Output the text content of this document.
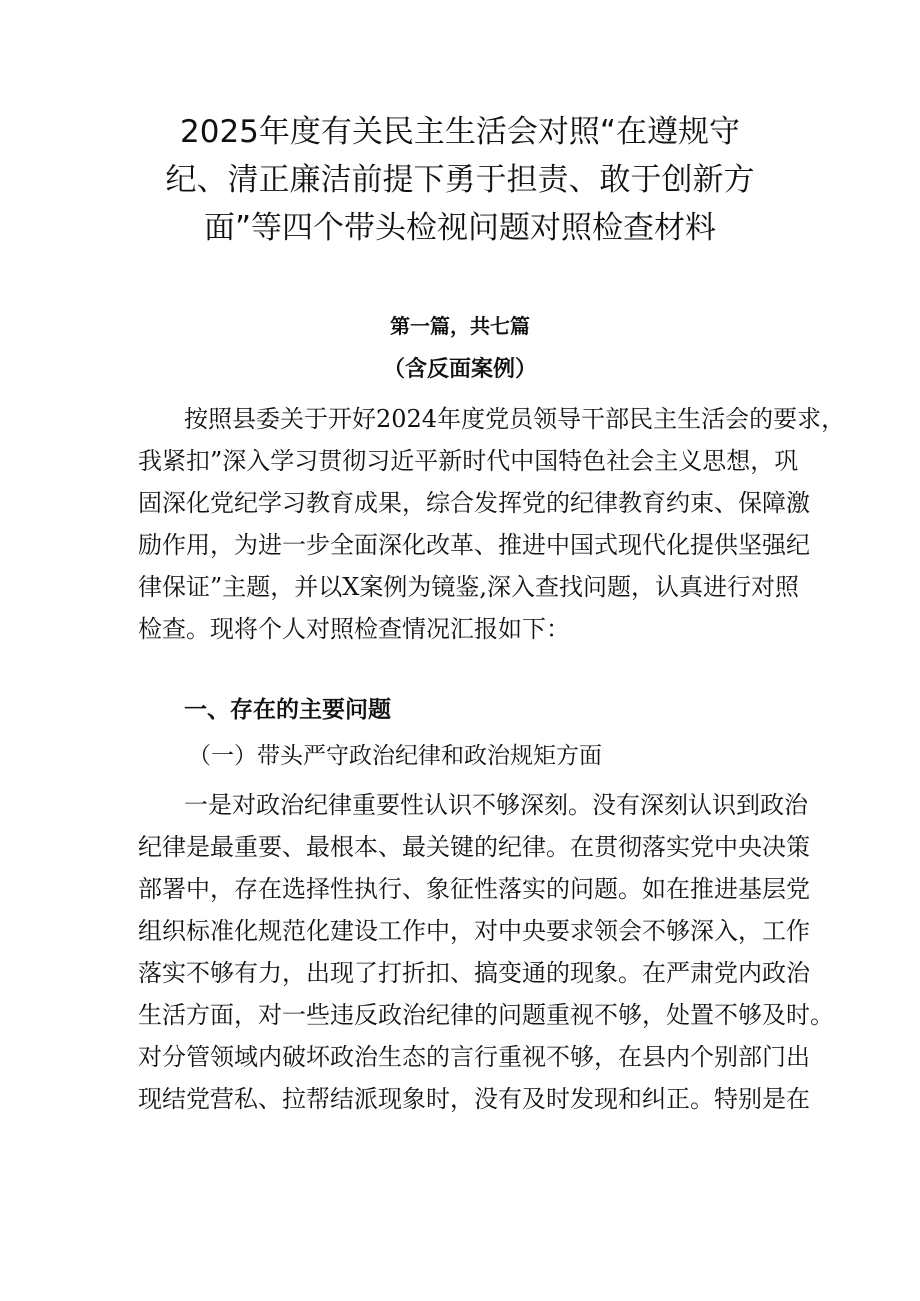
2025年度有关民主生活会对照“在遵规守
纪、清正廉洁前提下勇于担责、敢于创新方
面”等四个带头检视问题对照检查材料

第一篇，共七篇

（含反面案例）

按照县委关于开好2024年度党员领导干部民主生活会的要求，
我紧扣”深入学习贯彻习近平新时代中国特色社会主义思想，巩
固深化党纪学习教育成果，综合发挥党的纪律教育约束、保障激
励作用，为进一步全面深化改革、推进中国式现代化提供坚强纪
律保证”主题，并以X案例为镜鉴,深入查找问题，认真进行对照
检查。现将个人对照检查情况汇报如下：
一、存在的主要问题
（一）带头严守政治纪律和政治规矩方面
一是对政治纪律重要性认识不够深刻。没有深刻认识到政治
纪律是最重要、最根本、最关键的纪律。在贯彻落实党中央决策
部署中，存在选择性执行、象征性落实的问题。如在推进基层党
组织标准化规范化建设工作中，对中央要求领会不够深入，工作
落实不够有力，出现了打折扣、搞变通的现象。在严肃党内政治
生活方面，对一些违反政治纪律的问题重视不够，处置不够及时。
对分管领域内破坏政治生态的言行重视不够，在县内个别部门出
现结党营私、拉帮结派现象时，没有及时发现和纠正。特别是在
